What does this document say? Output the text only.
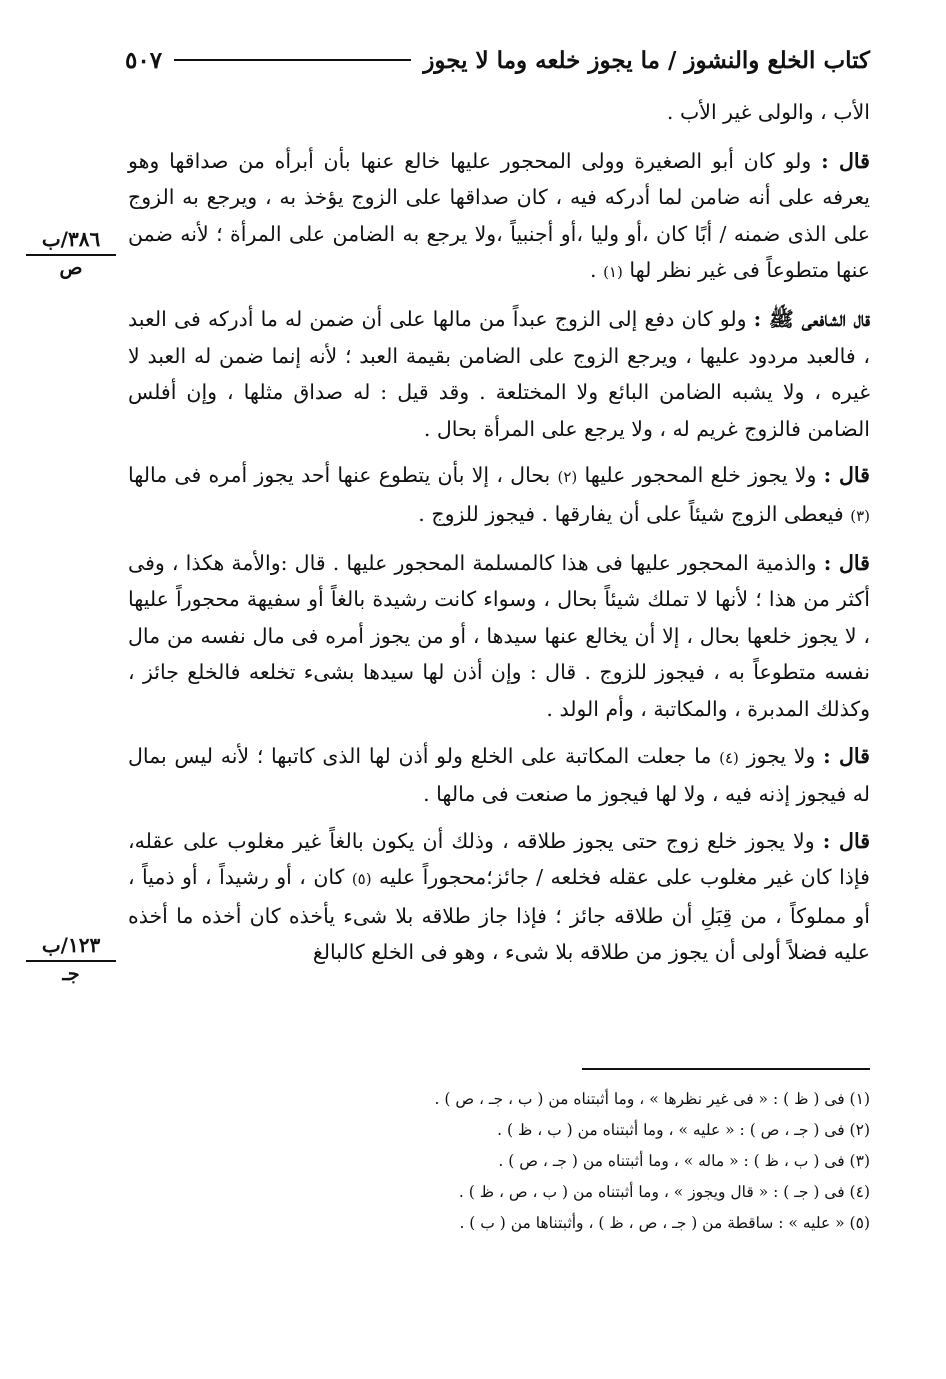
كتاب الخلع والنشوز / ما يجوز خلعه وما لا يجوز
٥٠٧
٣٨٦/ب
ص
١٢٣/ب
جـ

الأب ، والولى غير الأب .

قال : ولو كان أبو الصغيرة وولى المحجور عليها خالع عنها بأن أبرأه من صداقها وهو يعرفه على أنه ضامن لما أدركه فيه ، كان صداقها على الزوج يؤخذ به ، ويرجع به الزوج على الذى ضمنه / أبًا كان ،أو وليا ،أو أجنبياً ،ولا يرجع به الضامن على المرأة ؛ لأنه ضمن عنها متطوعاً فى غير نظر لها (١) .

قال الشافعى ﷺ : ولو كان دفع إلى الزوج عبداً من مالها على أن ضمن له ما أدركه فى العبد ، فالعبد مردود عليها ، ويرجع الزوج على الضامن بقيمة العبد ؛ لأنه إنما ضمن له العبد لا غيره ، ولا يشبه الضامن البائع ولا المختلعة . وقد قيل : له صداق مثلها ، وإن أفلس الضامن فالزوج غريم له ، ولا يرجع على المرأة بحال .

قال : ولا يجوز خلع المحجور عليها (٢) بحال ، إلا بأن يتطوع عنها أحد يجوز أمره فى مالها (٣) فيعطى الزوج شيئاً على أن يفارقها . فيجوز للزوج .

قال : والذمية المحجور عليها فى هذا كالمسلمة المحجور عليها . قال :والأمة هكذا ، وفى أكثر من هذا ؛ لأنها لا تملك شيئاً بحال ، وسواء كانت رشيدة بالغاً أو سفيهة محجوراً عليها ، لا يجوز خلعها بحال ، إلا أن يخالع عنها سيدها ، أو من يجوز أمره فى مال نفسه من مال نفسه متطوعاً به ، فيجوز للزوج . قال : وإن أذن لها سيدها بشىء تخلعه فالخلع جائز ، وكذلك المدبرة ، والمكاتبة ، وأم الولد .

قال : ولا يجوز (٤) ما جعلت المكاتبة على الخلع ولو أذن لها الذى كاتبها ؛ لأنه ليس بمال له فيجوز إذنه فيه ، ولا لها فيجوز ما صنعت فى مالها .

قال : ولا يجوز خلع زوج حتى يجوز طلاقه ، وذلك أن يكون بالغاً غير مغلوب على عقله، فإذا كان غير مغلوب على عقله فخلعه / جائز؛محجوراً عليه (٥) كان ، أو رشيداً ، أو ذمياً ، أو مملوكاً ، من قِبَلِ أن طلاقه جائز ؛ فإذا جاز طلاقه بلا شىء يأخذه كان أخذه ما أخذه عليه فضلاً أولى أن يجوز من طلاقه بلا شىء ، وهو فى الخلع كالبالغ

(١) فى ( ظ ) : « فى غير نظرها » ، وما أثبتناه من ( ب ، جـ ، ص ) .
(٢) فى ( جـ ، ص ) : « عليه » ، وما أثبتناه من ( ب ، ظ ) .
(٣) فى ( ب ، ظ ) : « ماله » ، وما أثبتناه من ( جـ ، ص ) .
(٤) فى ( جـ ) : « قال ويجوز » ، وما أثبتناه من ( ب ، ص ، ظ ) .
(٥) « عليه » : ساقطة من ( جـ ، ص ، ظ ) ، وأثبتناها من ( ب ) .
